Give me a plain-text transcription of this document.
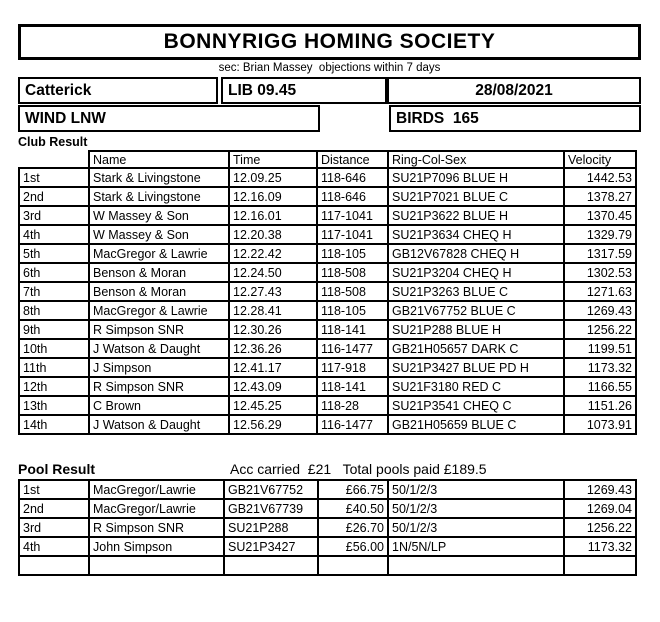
BONNYRIGG HOMING SOCIETY
sec: Brian Massey  objections within 7 days
Catterick	LIB 09.45	28/08/2021
WIND LNW	BIRDS  165
Club Result
	Name	Time	Distance	Ring-Col-Sex	Velocity
1st	Stark & Livingstone	12.09.25	118-646	SU21P7096 BLUE H	1442.53
2nd	Stark & Livingstone	12.16.09	118-646	SU21P7021 BLUE C	1378.27
3rd	W Massey & Son	12.16.01	117-1041	SU21P3622 BLUE H	1370.45
4th	W Massey & Son	12.20.38	117-1041	SU21P3634 CHEQ H	1329.79
5th	MacGregor & Lawrie	12.22.42	118-105	GB12V67828 CHEQ H	1317.59
6th	Benson & Moran	12.24.50	118-508	SU21P3204 CHEQ H	1302.53
7th	Benson & Moran	12.27.43	118-508	SU21P3263 BLUE C	1271.63
8th	MacGregor & Lawrie	12.28.41	118-105	GB21V67752 BLUE C	1269.43
9th	R Simpson SNR	12.30.26	118-141	SU21P288 BLUE H	1256.22
10th	J Watson & Daught	12.36.26	116-1477	GB21H05657 DARK C	1199.51
11th	J Simpson	12.41.17	117-918	SU21P3427 BLUE PD H	1173.32
12th	R Simpson SNR	12.43.09	118-141	SU21F3180 RED C	1166.55
13th	C Brown	12.45.25	118-28	SU21P3541 CHEQ C	1151.26
14th	J Watson & Daught	12.56.29	116-1477	GB21H05659 BLUE C	1073.91
Pool Result	Acc carried  £21   Total pools paid £189.5
1st	MacGregor/Lawrie	GB21V67752	£66.75	50/1/2/3	1269.43
2nd	MacGregor/Lawrie	GB21V67739	£40.50	50/1/2/3	1269.04
3rd	R Simpson SNR	SU21P288	£26.70	50/1/2/3	1256.22
4th	John Simpson	SU21P3427	£56.00	1N/5N/LP	1173.32
